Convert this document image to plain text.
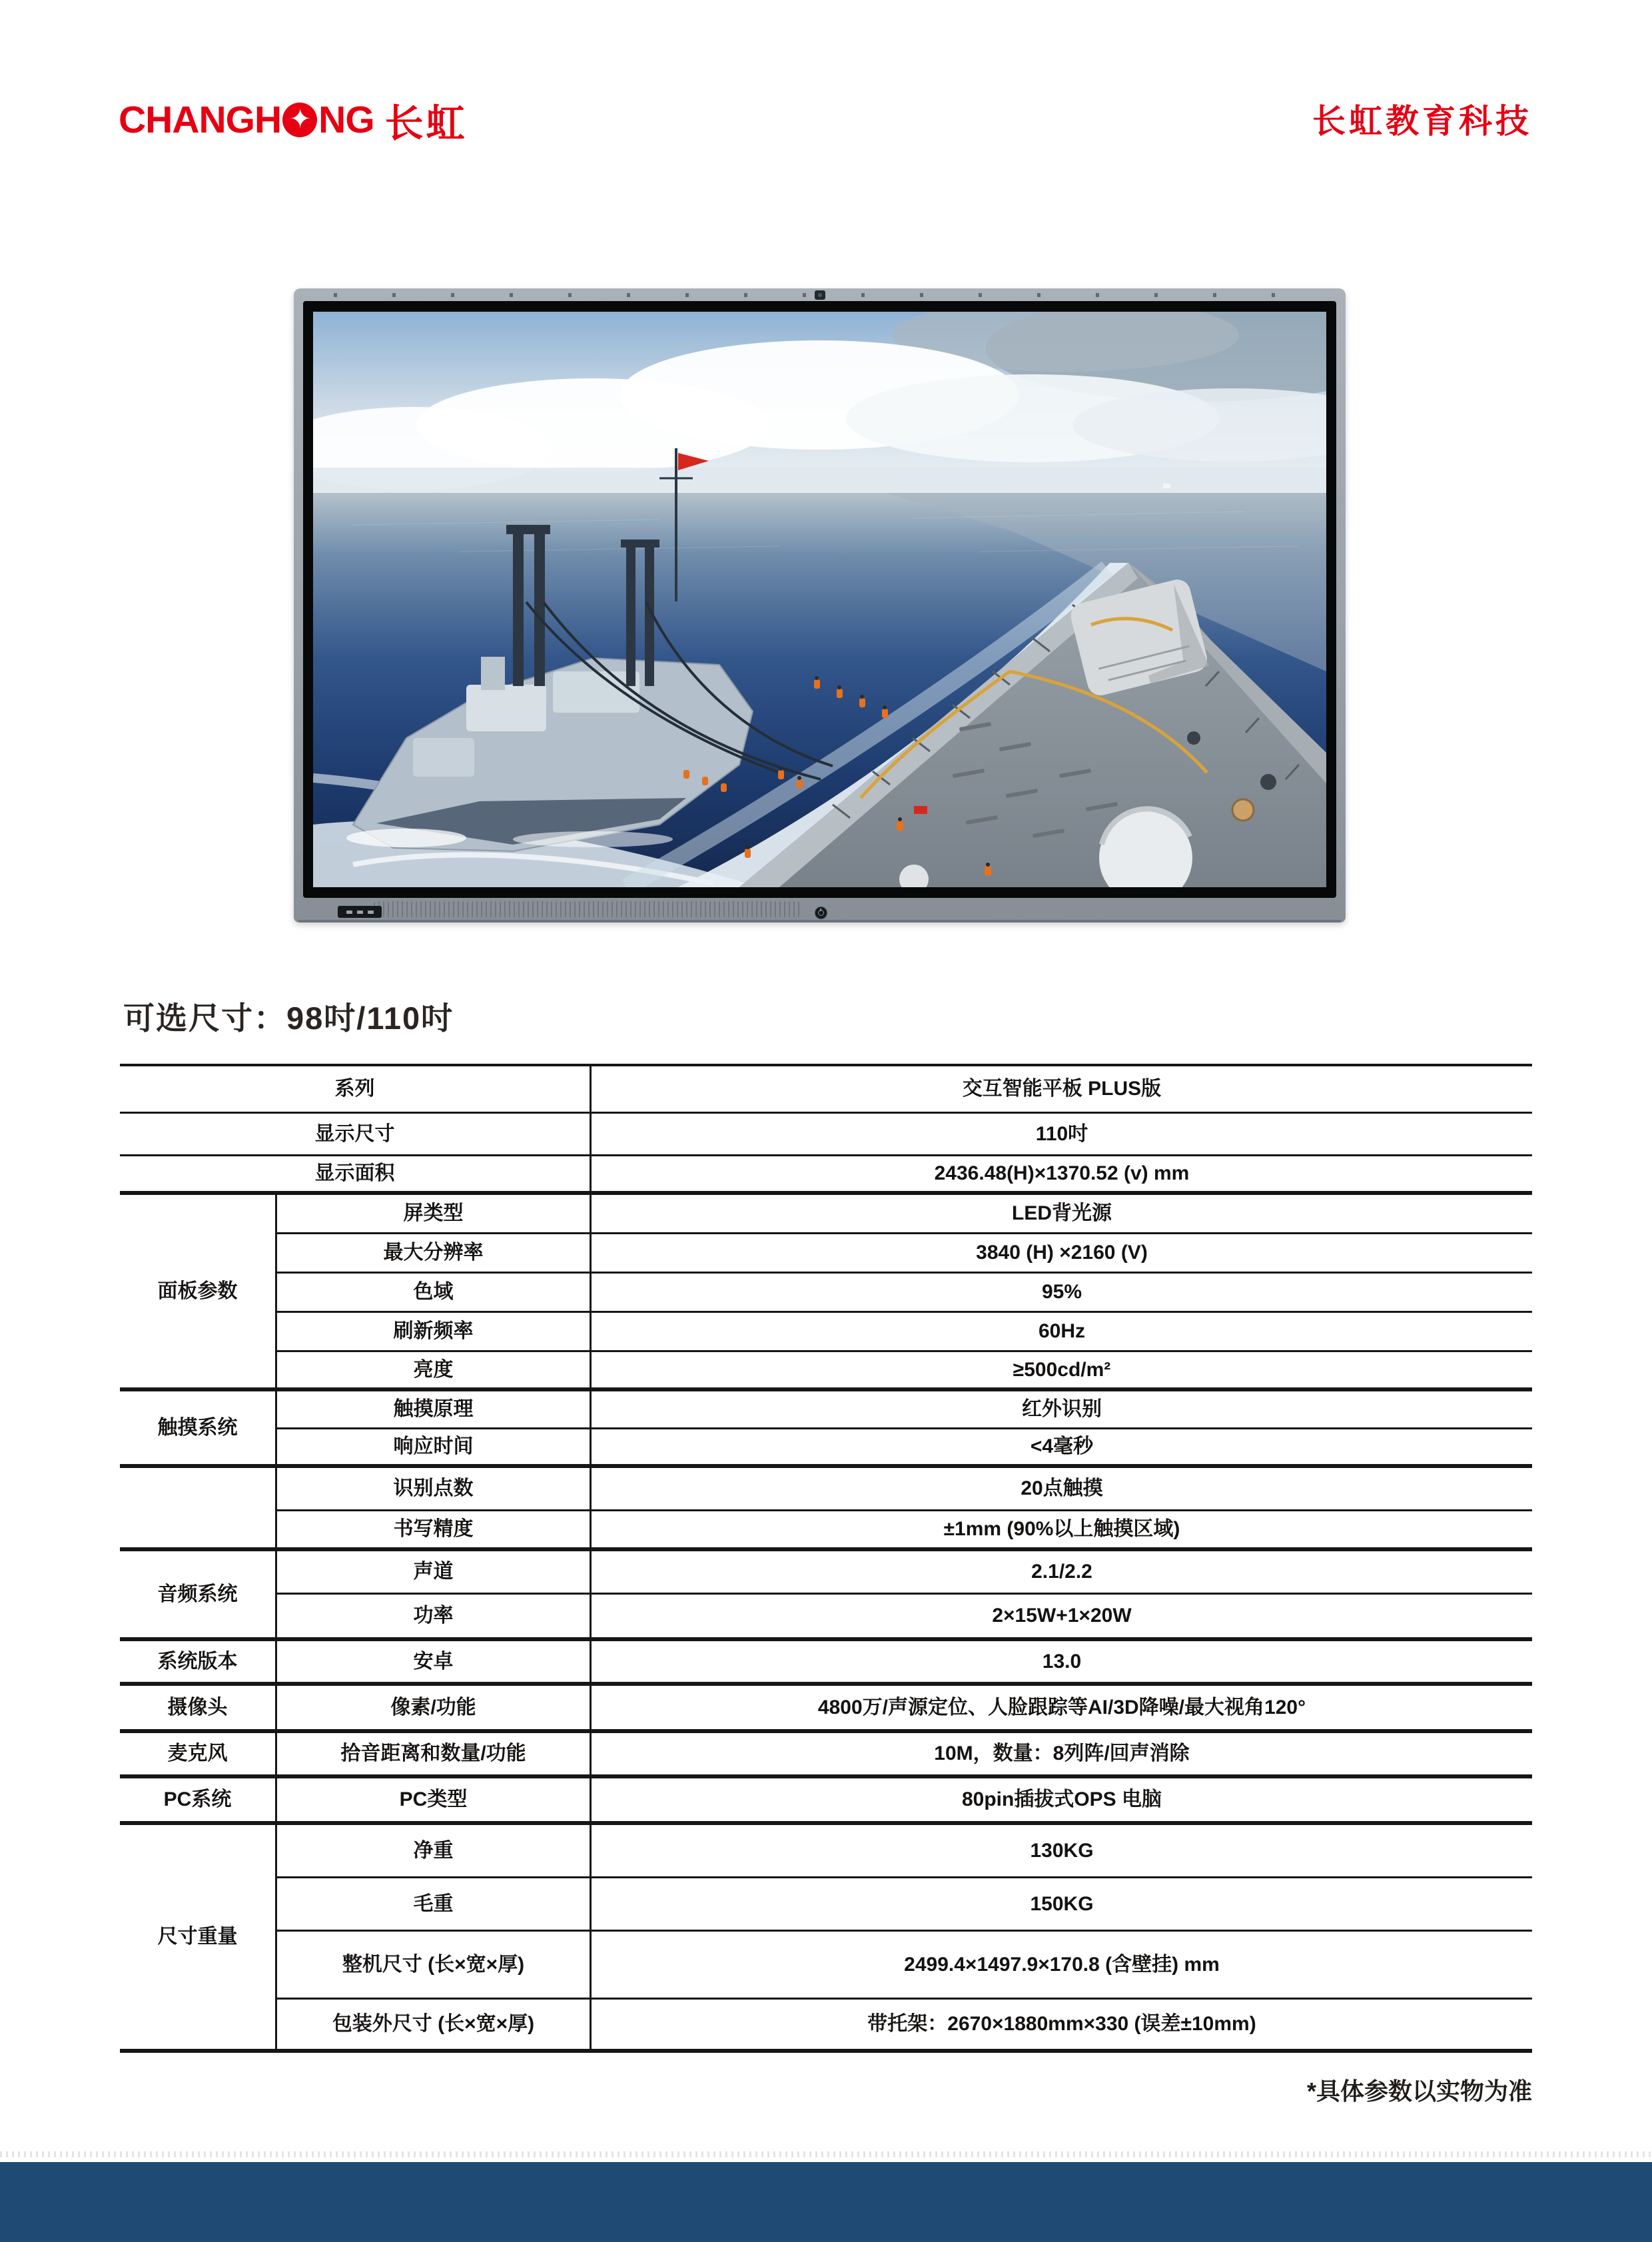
CHANGH ✦ NG 长虹	长虹教育科技
可选尺寸：98吋/110吋
系列	交互智能平板 PLUS版
显示尺寸	110吋
显示面积	2436.48(H)×1370.52 (v) mm
面板参数
屏类型	LED背光源
最大分辨率	3840 (H) ×2160 (V)
色域	95%
刷新频率	60Hz
亮度	≥500cd/m²
触摸系统
触摸原理	红外识别
响应时间	<4毫秒
识别点数	20点触摸
书写精度	±1mm (90%以上触摸区域)
音频系统
声道	2.1/2.2
功率	2×15W+1×20W
系统版本	安卓	13.0
摄像头	像素/功能	4800万/声源定位、人脸跟踪等AI/3D降噪/最大视角120°
麦克风	拾音距离和数量/功能	10M，数量：8列阵/回声消除
PC系统	PC类型	80pin插拔式OPS 电脑
尺寸重量
净重	130KG
毛重	150KG
整机尺寸 (长×宽×厚)	2499.4×1497.9×170.8 (含壁挂) mm
包装外尺寸 (长×宽×厚)	带托架：2670×1880mm×330 (误差±10mm)
*具体参数以实物为准
